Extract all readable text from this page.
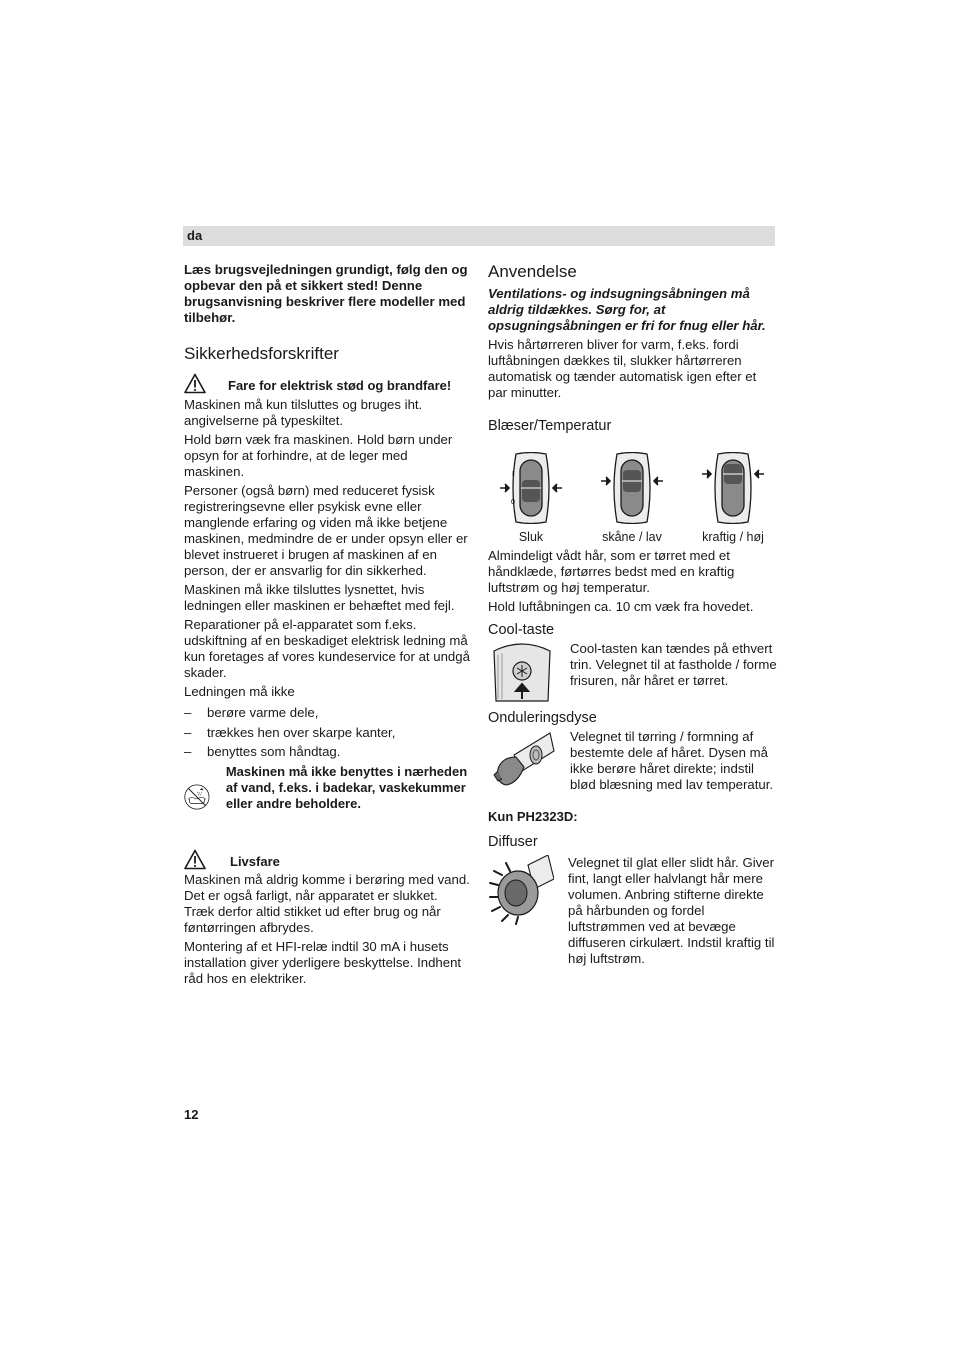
da

Læs brugsvejledningen grundigt, følg den og opbevar den på et sikkert sted! Denne brugsanvisning beskriver flere modeller med tilbehør.

Sikkerhedsforskrifter
Fare for elektrisk stød og brandfare!

Maskinen må kun tilsluttes og bruges iht. angivelserne på typeskiltet.

Hold børn væk fra maskinen. Hold børn under opsyn for at forhindre, at de leger med maskinen.

Personer (også børn) med reduceret fysisk registreringsevne eller psykisk evne eller manglende erfaring og viden må ikke betjene maskinen, medmindre de er under opsyn eller er blevet instrueret i brugen af maskinen af en person, der er ansvarlig for din sikkerhed.

Maskinen må ikke tilsluttes lysnettet, hvis ledningen eller maskinen er behæftet med fejl.

Reparationer på el-apparatet som f.eks. udskiftning af en beskadiget elektrisk ledning må kun foretages af vores kundeservice for at undgå skader.

Ledningen må ikke

– berøre varme dele,
– trækkes hen over skarpe kanter,
– benyttes som håndtag.

Maskinen må ikke benyttes i nærheden af vand, f.eks. i badekar, vaskekummer eller andre beholdere.

Livsfare

Maskinen må aldrig komme i berøring med vand. Det er også farligt, når apparatet er slukket. Træk derfor altid stikket ud efter brug og når føntørringen afbrydes.

Montering af et HFI-relæ indtil 30 mA i husets installation giver yderligere beskyttelse. Indhent råd hos en elektriker.

Anvendelse

Ventilations- og indsugningsåbningen må aldrig tildækkes. Sørg for, at opsugningsåbningen er fri for fnug eller hår.

Hvis hårtørreren bliver for varm, f.eks. fordi luftåbningen dækkes til, slukker hårtørreren automatisk og tænder automatisk igen efter et par minutter.

Blæser/Temperatur
I
0
Sluk	skåne / lav	kraftig / høj

Almindeligt vådt hår, som er tørret med et håndklæde, førtørres bedst med en kraftig luftstrøm og høj temperatur.

Hold luftåbningen ca. 10 cm væk fra hovedet.

Cool-taste

Cool-tasten kan tændes på ethvert trin. Velegnet til at fastholde / forme frisuren, når håret er tørret.

Onduleringsdyse

Velegnet til tørring / formning af bestemte dele af håret. Dysen må ikke berøre håret direkte; indstil blød blæsning med lav temperatur.

Kun PH2323D:

Diffuser

Velegnet til glat eller slidt hår. Giver fint, langt eller halvlangt hår mere volumen. Anbring stifterne direkte på hårbunden og fordel luftstrømmen ved at bevæge diffuseren cirkulært. Indstil kraftig til høj luftstrøm.

12
